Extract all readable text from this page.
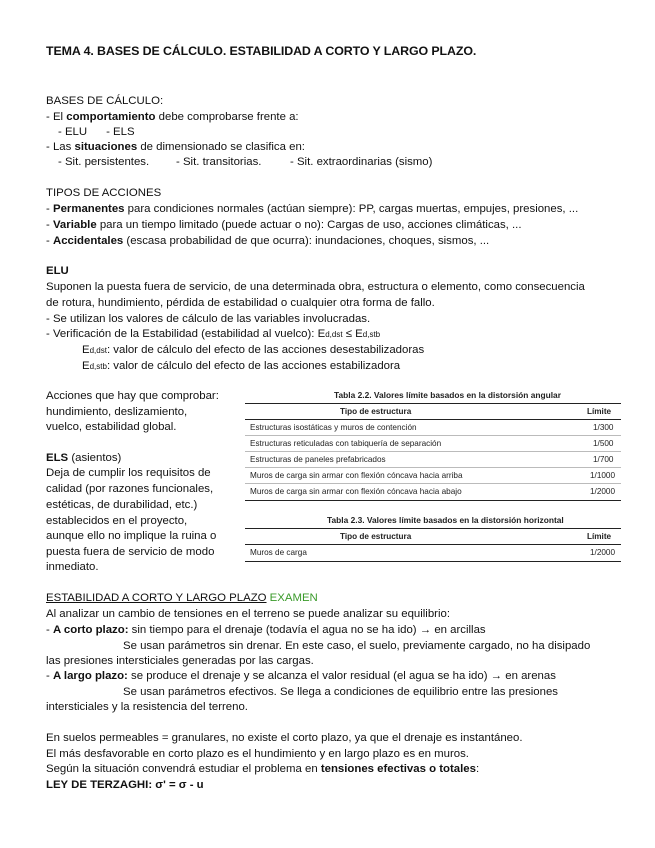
TEMA 4. BASES DE CÁLCULO. ESTABILIDAD A CORTO Y LARGO PLAZO.
BASES DE CÁLCULO:
- El comportamiento debe comprobarse frente a:
- ELU      - ELS
- Las situaciones de dimensionado se clasifica en:
- Sit. persistentes. - Sit. transitorias.	- Sit. extraordinarias (sismo)
TIPOS DE ACCIONES
- Permanentes para condiciones normales (actúan siempre): PP, cargas muertas, empujes, presiones, ...
- Variable para un tiempo limitado (puede actuar o no): Cargas de uso, acciones climáticas, ...
- Accidentales (escasa probabilidad de que ocurra): inundaciones, choques, sismos, ...
ELU
Suponen la puesta fuera de servicio, de una determinada obra, estructura o elemento, como consecuencia
de rotura, hundimiento, pérdida de estabilidad o cualquier otra forma de fallo.
- Se utilizan los valores de cálculo de las variables involucradas.
- Verificación de la Estabilidad (estabilidad al vuelco): Ed,dst ≤ Ed,stb
Ed,dst: valor de cálculo del efecto de las acciones desestabilizadoras
Ed,stb: valor de cálculo del efecto de las acciones estabilizadora
Acciones que hay que comprobar:
hundimiento, deslizamiento,
vuelco, estabilidad global.
ELS (asientos)
Deja de cumplir los requisitos de
calidad (por razones funcionales,
estéticas, de durabilidad, etc.)
establecidos en el proyecto,
aunque ello no implique la ruina o
puesta fuera de servicio de modo
inmediato.
Tabla 2.2. Valores límite basados en la distorsión angular
Tipo de estructura	Límite
Estructuras isostáticas y muros de contención	1/300
Estructuras reticuladas con tabiquería de separación	1/500
Estructuras de paneles prefabricados	1/700
Muros de carga sin armar con flexión cóncava hacia arriba	1/1000
Muros de carga sin armar con flexión cóncava hacia abajo	1/2000
Tabla 2.3. Valores límite basados en la distorsión horizontal
Tipo de estructura	Límite
Muros de carga	1/2000
ESTABILIDAD A CORTO Y LARGO PLAZO EXAMEN
Al analizar un cambio de tensiones en el terreno se puede analizar su equilibrio:
- A corto plazo: sin tiempo para el drenaje (todavía el agua no se ha ido) → en arcillas
Se usan parámetros sin drenar. En este caso, el suelo, previamente cargado, no ha disipado
las presiones intersticiales generadas por las cargas.
- A largo plazo: se produce el drenaje y se alcanza el valor residual (el agua se ha ido) → en arenas
Se usan parámetros efectivos. Se llega a condiciones de equilibrio entre las presiones
intersticiales y la resistencia del terreno.
En suelos permeables = granulares, no existe el corto plazo, ya que el drenaje es instantáneo.
El más desfavorable en corto plazo es el hundimiento y en largo plazo es en muros.
Según la situación convendrá estudiar el problema en tensiones efectivas o totales:
LEY DE TERZAGHI: σ' = σ - u
